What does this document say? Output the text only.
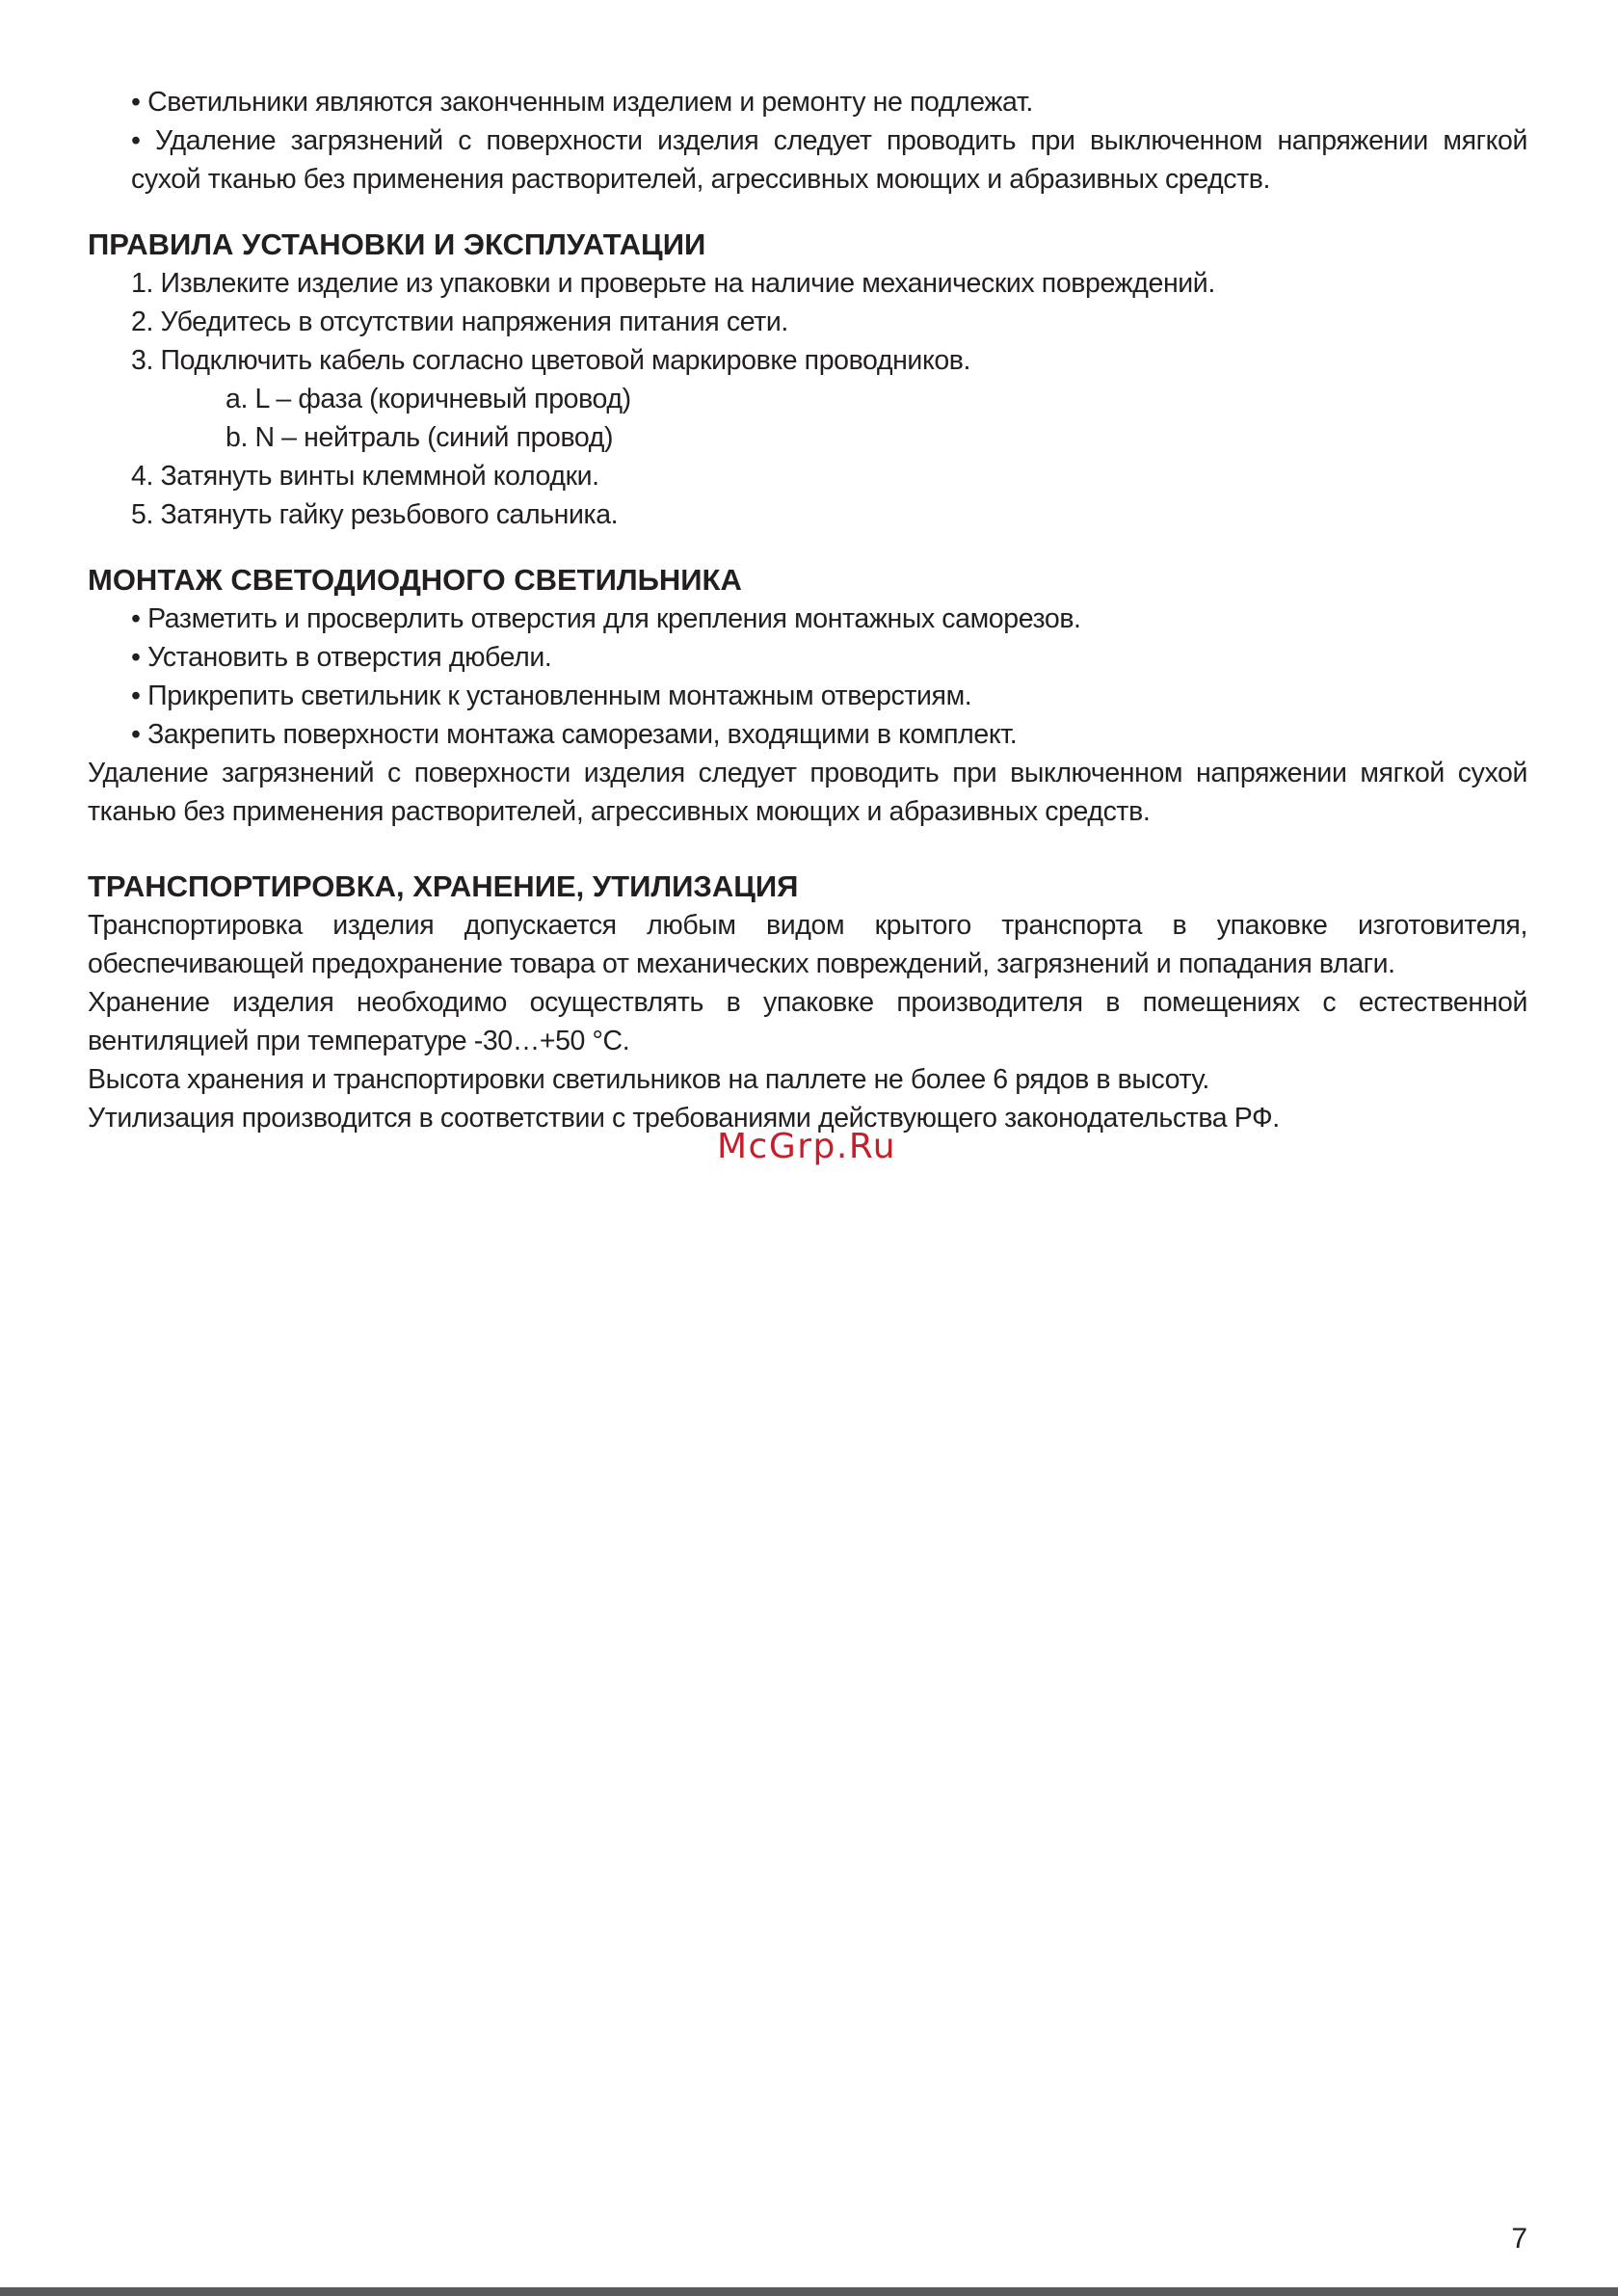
• Светильники являются законченным изделием и ремонту не подлежат.

• Удаление загрязнений с поверхности изделия следует проводить при выключенном напряжении мягкой

сухой тканью без применения растворителей, агрессивных моющих и абразивных средств.

ПРАВИЛА УСТАНОВКИ И ЭКСПЛУАТАЦИИ

1. Извлеките изделие из упаковки и проверьте на наличие механических повреждений.

2. Убедитесь в отсутствии напряжения питания сети.

3. Подключить кабель согласно цветовой маркировке проводников.

a. L – фаза (коричневый провод)

b. N – нейтраль (синий провод)

4. Затянуть винты клеммной колодки.

5. Затянуть гайку резьбового сальника.

МОНТАЖ СВЕТОДИОДНОГО СВЕТИЛЬНИКА

• Разметить и просверлить отверстия для крепления монтажных саморезов.

• Установить в отверстия дюбели.

• Прикрепить светильник к установленным монтажным отверстиям.

• Закрепить поверхности монтажа саморезами, входящими в комплект.

Удаление загрязнений с поверхности изделия следует проводить при выключенном напряжении мягкой сухой

тканью без применения растворителей, агрессивных моющих и абразивных средств.

ТРАНСПОРТИРОВКА, ХРАНЕНИЕ, УТИЛИЗАЦИЯ

Транспортировка изделия допускается любым видом крытого транспорта в упаковке изготовителя,

обеспечивающей предохранение товара от механических повреждений, загрязнений и попадания влаги.

Хранение изделия необходимо осуществлять в упаковке производителя в помещениях с естественной

вентиляцией при температуре -30…+50 °С.

Высота хранения и транспортировки светильников на паллете не более 6 рядов в высоту.

Утилизация производится в соответствии с требованиями действующего законодательства РФ.

McGrp.Ru
7
